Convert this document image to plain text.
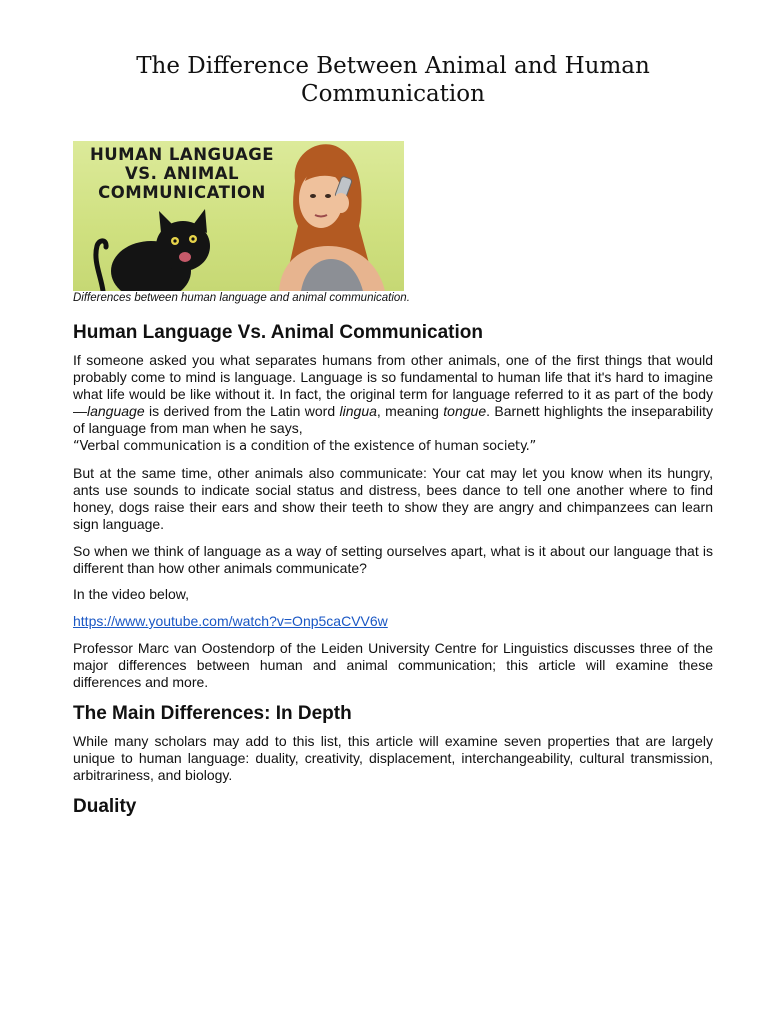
The Difference Between Animal and Human
Communication
HUMAN LANGUAGE
VS. ANIMAL
COMMUNICATION
Differences between human language and animal communication.
Human Language Vs. Animal Communication

If someone asked you what separates humans from other animals, one of the first things that would probably come to mind is language. Language is so fundamental to human life that it's hard to imagine what life would be like without it. In fact, the original term for language referred to it as part of the body—language is derived from the Latin word lingua, meaning tongue. Barnett highlights the inseparability of language from man when he says,
“Verbal communication is a condition of the existence of human society.”

But at the same time, other animals also communicate: Your cat may let you know when its hungry, ants use sounds to indicate social status and distress, bees dance to tell one another where to find honey, dogs raise their ears and show their teeth to show they are angry and chimpanzees can learn sign language.

So when we think of language as a way of setting ourselves apart, what is it about our language that is different than how other animals communicate?

In the video below,

https://www.youtube.com/watch?v=Onp5caCVV6w

Professor Marc van Oostendorp of the Leiden University Centre for Linguistics discusses three of the major differences between human and animal communication; this article will examine these differences and more.

The Main Differences: In Depth

While many scholars may add to this list, this article will examine seven properties that are largely unique to human language: duality, creativity, displacement, interchangeability, cultural transmission, arbitrariness, and biology.

Duality
